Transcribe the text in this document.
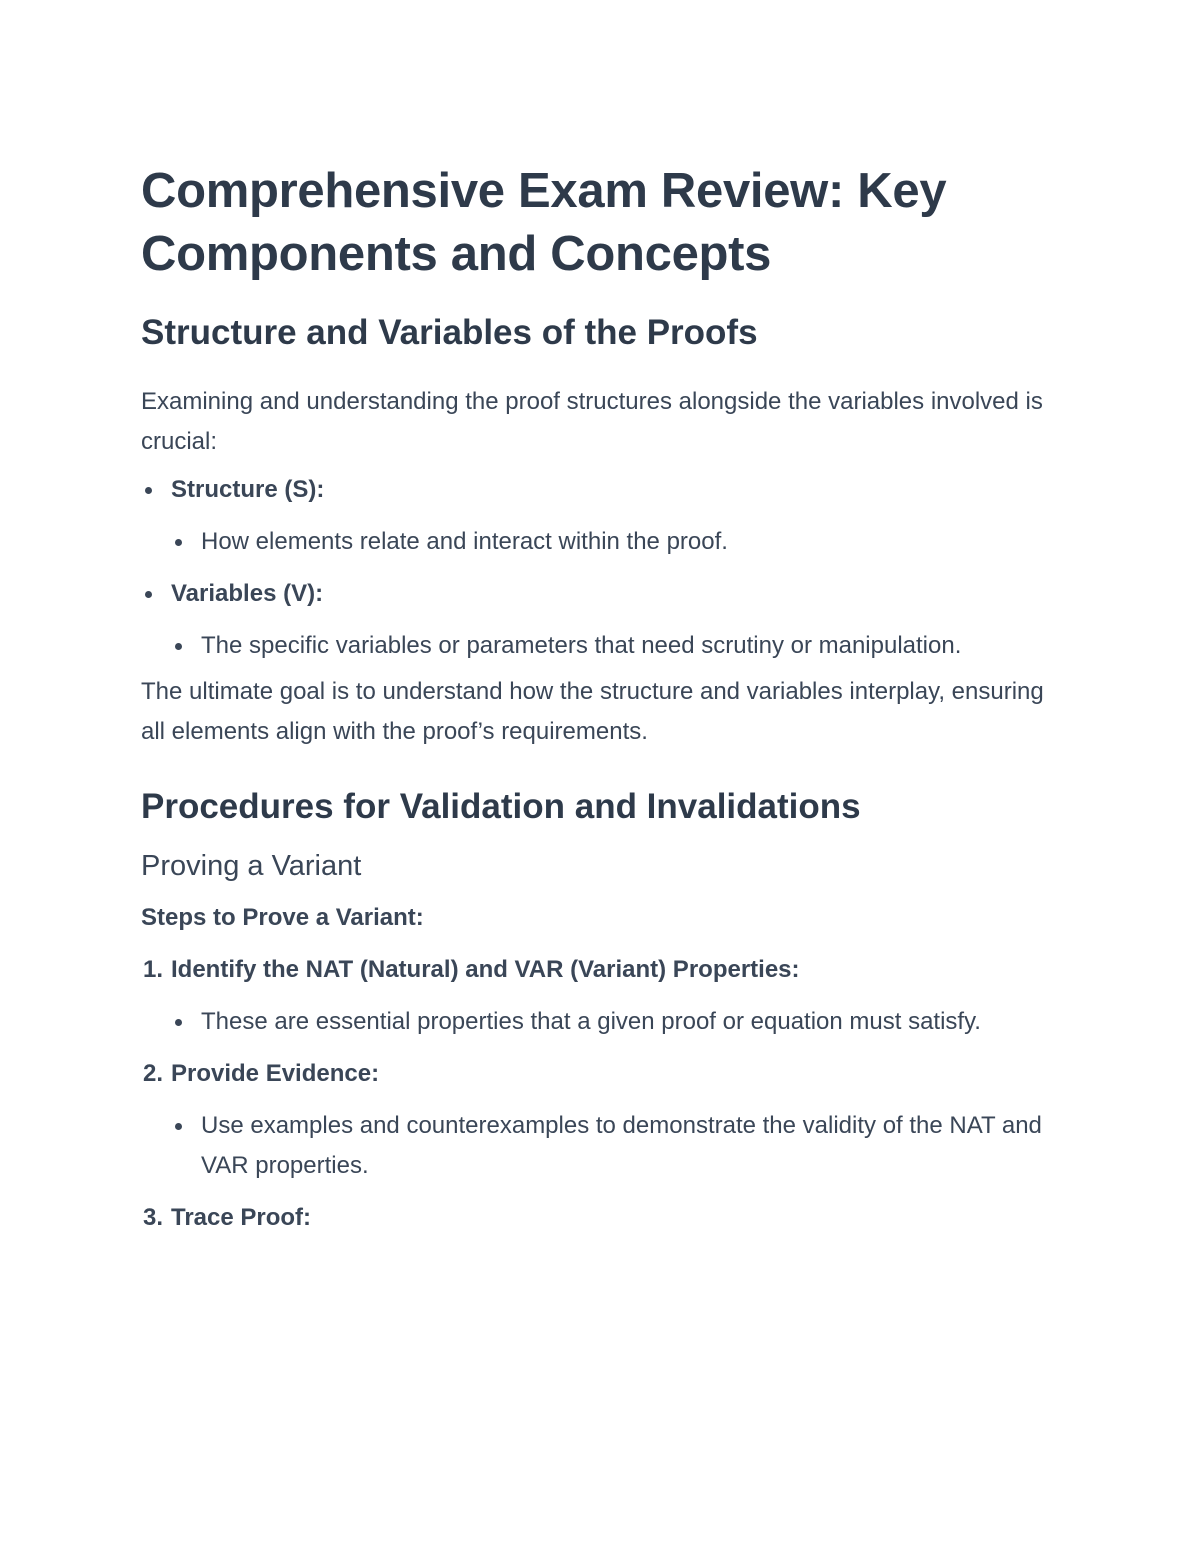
Comprehensive Exam Review: Key Components and Concepts
Structure and Variables of the Proofs

Examining and understanding the proof structures alongside the variables involved is crucial:

Structure (S):
How elements relate and interact within the proof.
Variables (V):
The specific variables or parameters that need scrutiny or manipulation.

The ultimate goal is to understand how the structure and variables interplay, ensuring all elements align with the proof’s requirements.

Procedures for Validation and Invalidations
Proving a Variant

Steps to Prove a Variant:

1. Identify the NAT (Natural) and VAR (Variant) Properties:
These are essential properties that a given proof or equation must satisfy.
2. Provide Evidence:
Use examples and counterexamples to demonstrate the validity of the NAT and VAR properties.
3. Trace Proof:
